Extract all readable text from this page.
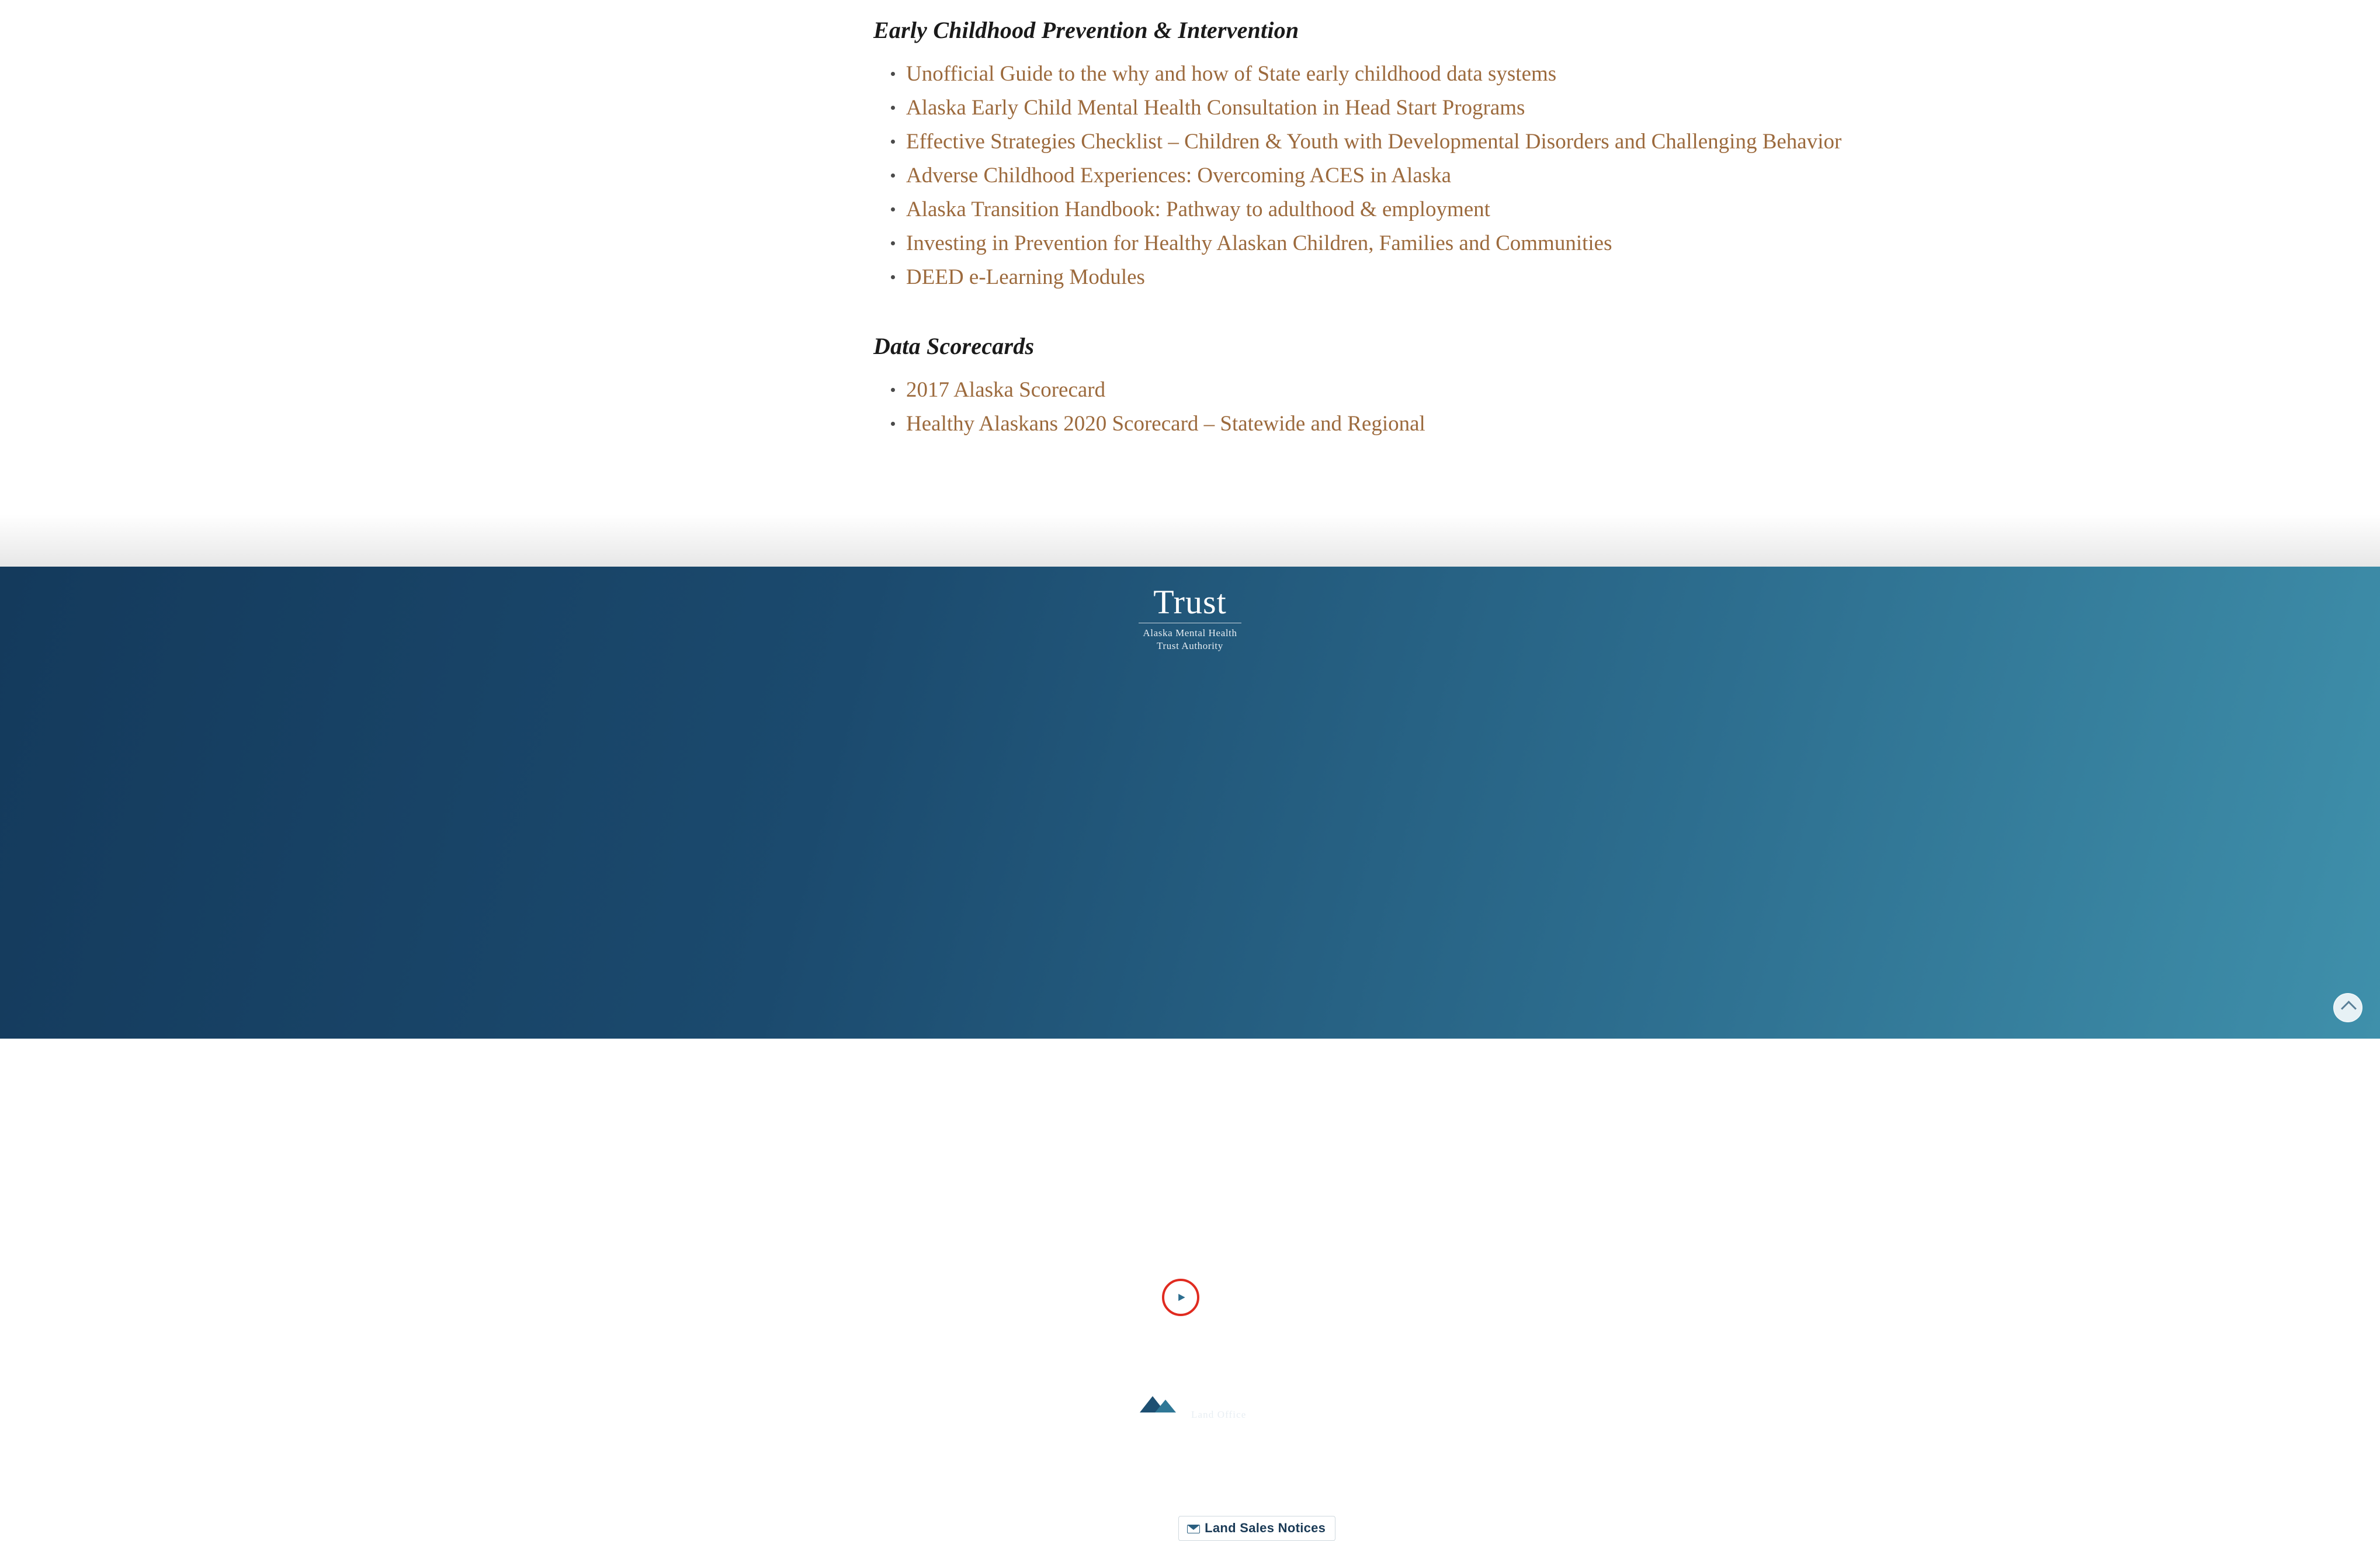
Early Childhood Prevention & Intervention
Unofficial Guide to the why and how of State early childhood data systems
Alaska Early Child Mental Health Consultation in Head Start Programs
Effective Strategies Checklist – Children & Youth with Developmental Disorders and Challenging Behavior
Adverse Childhood Experiences: Overcoming ACES in Alaska
Alaska Transition Handbook: Pathway to adulthood & employment
Investing in Prevention for Healthy Alaskan Children, Families and Communities
DEED e-Learning Modules
Data Scorecards
2017 Alaska Scorecard
Healthy Alaskans 2020 Scorecard – Statewide and Regional
Trust
Alaska Mental Health
Trust Authority
BENEFICIARIES GRANTS WHAT WE DO CONTACT ADVOCACY RESOURCES

907-269-7960
Trust
Land Office
LAND USE APPLICATION GENERAL PERMITS PUBLIC NOTICES LAND AND LAND SALES FORESTRY MINERALS AND MATERIALS ENERGY REAL ESTATE CONNECT HOW DOES THE TRUST LAND OFFICE SUPPORT TRUST BENEFICIARIES?
907-269-8658	Land Sales Notices
